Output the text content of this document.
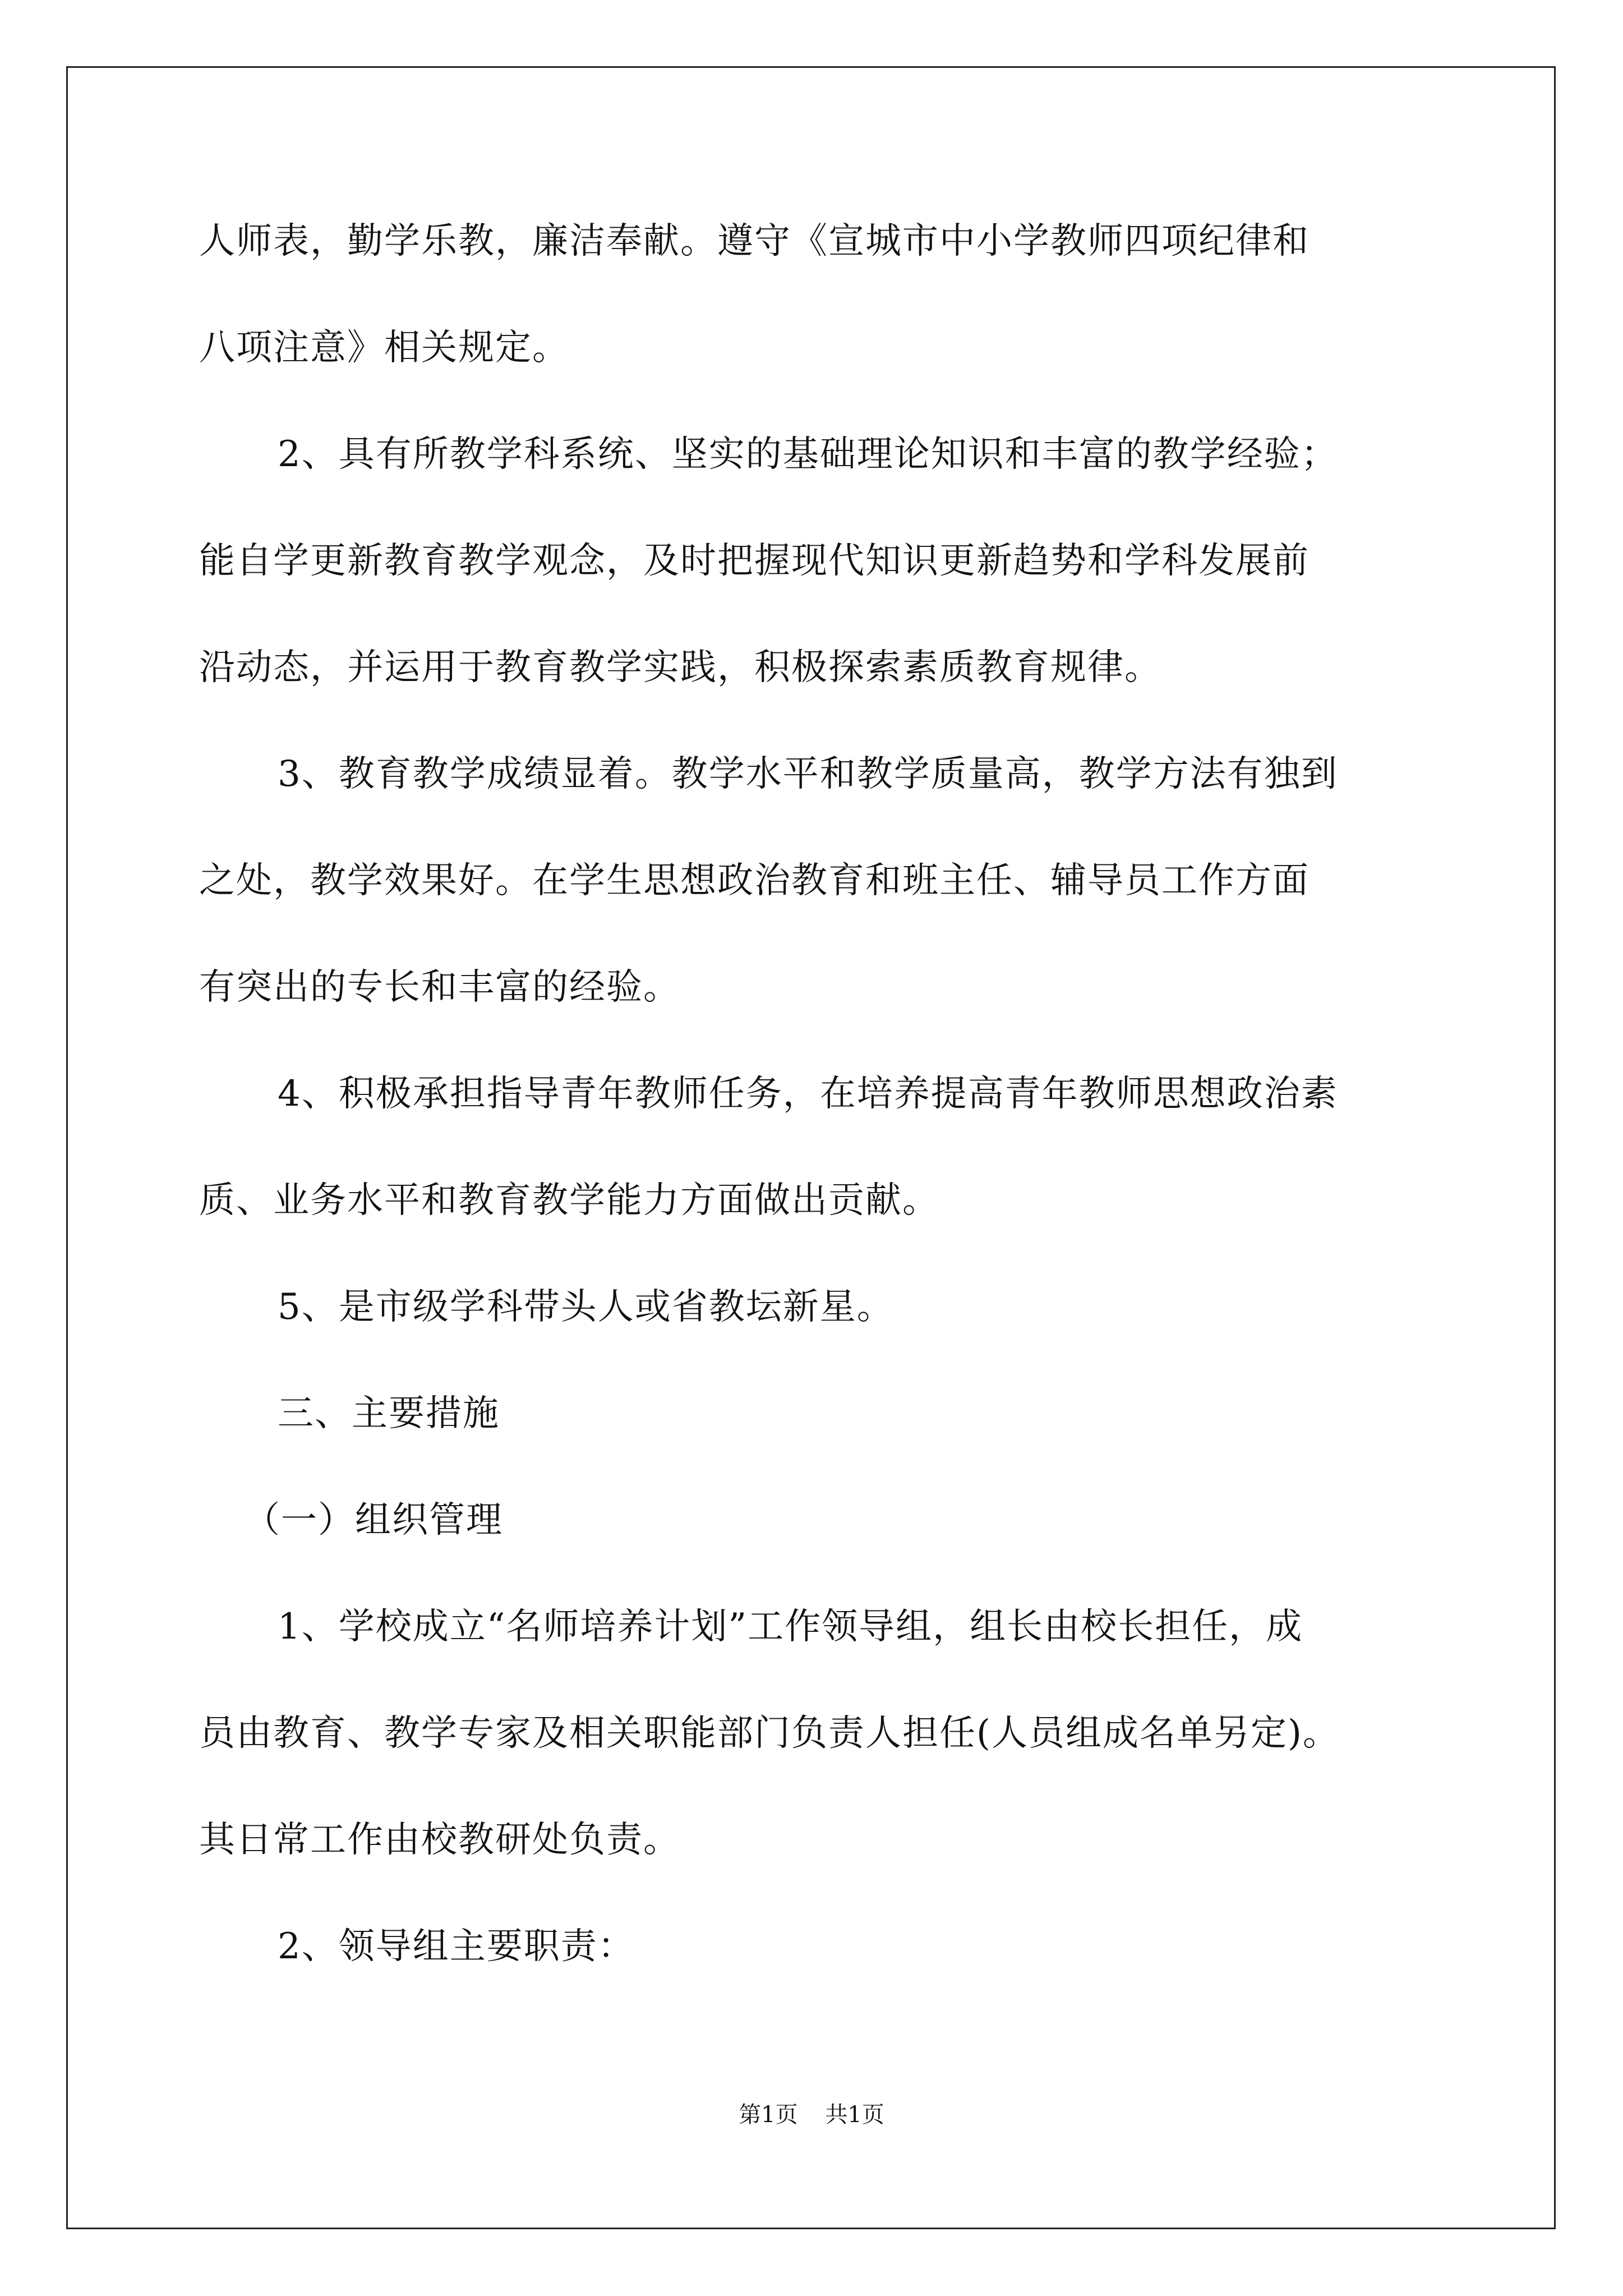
人师表，勤学乐教，廉洁奉献。遵守《宣城市中小学教师四项纪律和
八项注意》相关规定。
2、具有所教学科系统、坚实的基础理论知识和丰富的教学经验；
能自学更新教育教学观念，及时把握现代知识更新趋势和学科发展前
沿动态，并运用于教育教学实践，积极探索素质教育规律。
3、教育教学成绩显着。教学水平和教学质量高，教学方法有独到
之处，教学效果好。在学生思想政治教育和班主任、辅导员工作方面
有突出的专长和丰富的经验。
4、积极承担指导青年教师任务，在培养提高青年教师思想政治素
质、业务水平和教育教学能力方面做出贡献。
5、是市级学科带头人或省教坛新星。
三、主要措施
（一）组织管理
1、学校成立“名师培养计划”工作领导组，组长由校长担任，成
员由教育、教学专家及相关职能部门负责人担任(人员组成名单另定)。
其日常工作由校教研处负责。
2、领导组主要职责：
第1页 共1页
